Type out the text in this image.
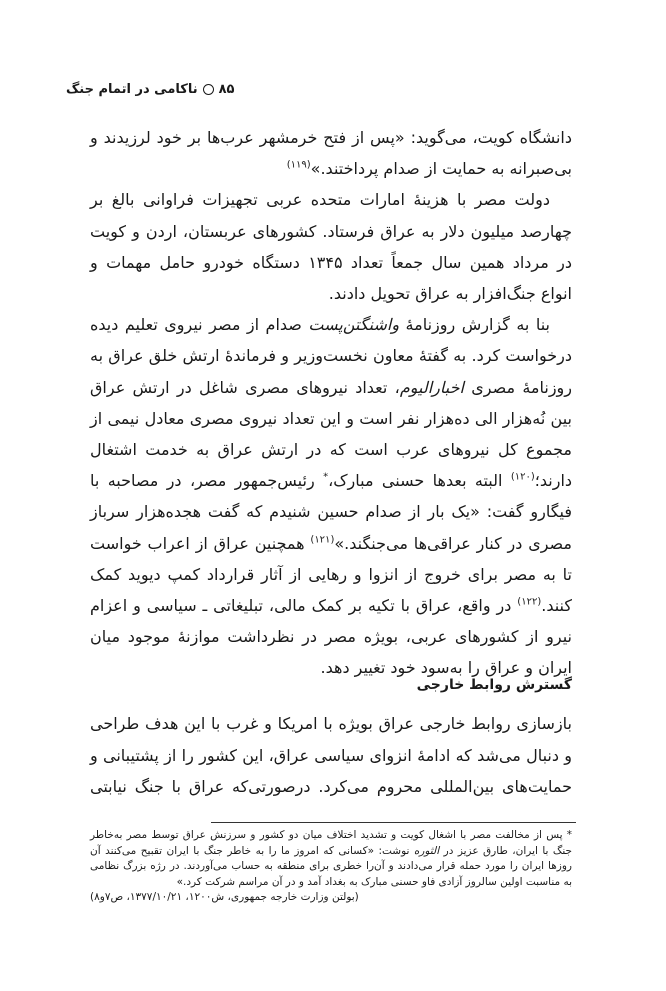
ناکامی در اتمام جنگ ۸۵

دانشگاه کویت، می‌گوید: «پس از فتح خرمشهر عرب‌ها بر خود لرزیدند و بی‌صبرانه به حمایت از صدام پرداختند.»$^{(۱۱۹)}$

دولت مصر با هزینهٔ امارات متحده عربی تجهیزات فراوانی بالغ بر چهارصد میلیون دلار به عراق فرستاد. کشورهای عربستان، اردن و کویت در مرداد همین سال جمعاً تعداد ۱۳۴۵ دستگاه خودرو حامل مهمات و انواع جنگ‌افزار به عراق تحویل دادند.

بنا به گزارش روزنامهٔ واشنگتن‌پست صدام از مصر نیروی تعلیم دیده درخواست کرد. به گفتهٔ معاون نخست‌وزیر و فرماندهٔ ارتش خلق عراق به روزنامهٔ مصری اخبارالیوم، تعداد نیروهای مصری شاغل در ارتش عراق بین نُه‌هزار الی ده‌هزار نفر است و این تعداد نیروی مصری معادل نیمی از مجموع کل نیروهای عرب است که در ارتش عراق به خدمت اشتغال دارند؛$^{(۱۲۰)}$ البته بعدها حسنی مبارک،* رئیس‌جمهور مصر، در مصاحبه با فیگارو گفت: «یک بار از صدام حسین شنیدم که گفت هجده‌هزار سرباز مصری در کنار عراقی‌ها می‌جنگند.»$^{(۱۲۱)}$ همچنین عراق از اعراب خواست تا به مصر برای خروج از انزوا و رهایی از آثار قرارداد کمپ دیوید کمک کنند.$^{(۱۲۲)}$ در واقع، عراق با تکیه بر کمک مالی، تبلیغاتی ـ سیاسی و اعزام نیرو از کشورهای عربی، بویژه مصر در نظرداشت موازنهٔ موجود میان ایران و عراق را به‌سود خود تغییر دهد.

گسترش روابط خارجی
بازسازی روابط خارجی عراق بویژه با امریکا و غرب با این هدف طراحی و دنبال می‌شد که ادامهٔ انزوای سیاسی عراق، این کشور را از پشتیبانی و حمایت‌های بین‌المللی محروم می‌کرد. درصورتی‌که عراق با جنگ نیابتی

* پس از مخالفت مصر با اشغال کویت و تشدید اختلاف میان دو کشور و سرزنش عراق توسط مصر به‌خاطر جنگ با ایران، طارق عزیز در الثوره نوشت: «کسانی که امروز ما را به خاطر جنگ با ایران تقبیح می‌کنند آن روزها ایران را مورد حمله قرار می‌دادند و آن‌را خطری برای منطقه به حساب می‌آوردند. در رژه بزرگ نظامی به مناسبت اولین سالروز آزادی فاو حسنی مبارک به بغداد آمد و در آن مراسم شرکت کرد.»
(بولتن وزارت خارجه جمهوری، ش۱۲۰۰، ۱۳۷۷/۱۰/۲۱، ص۷و۸)
